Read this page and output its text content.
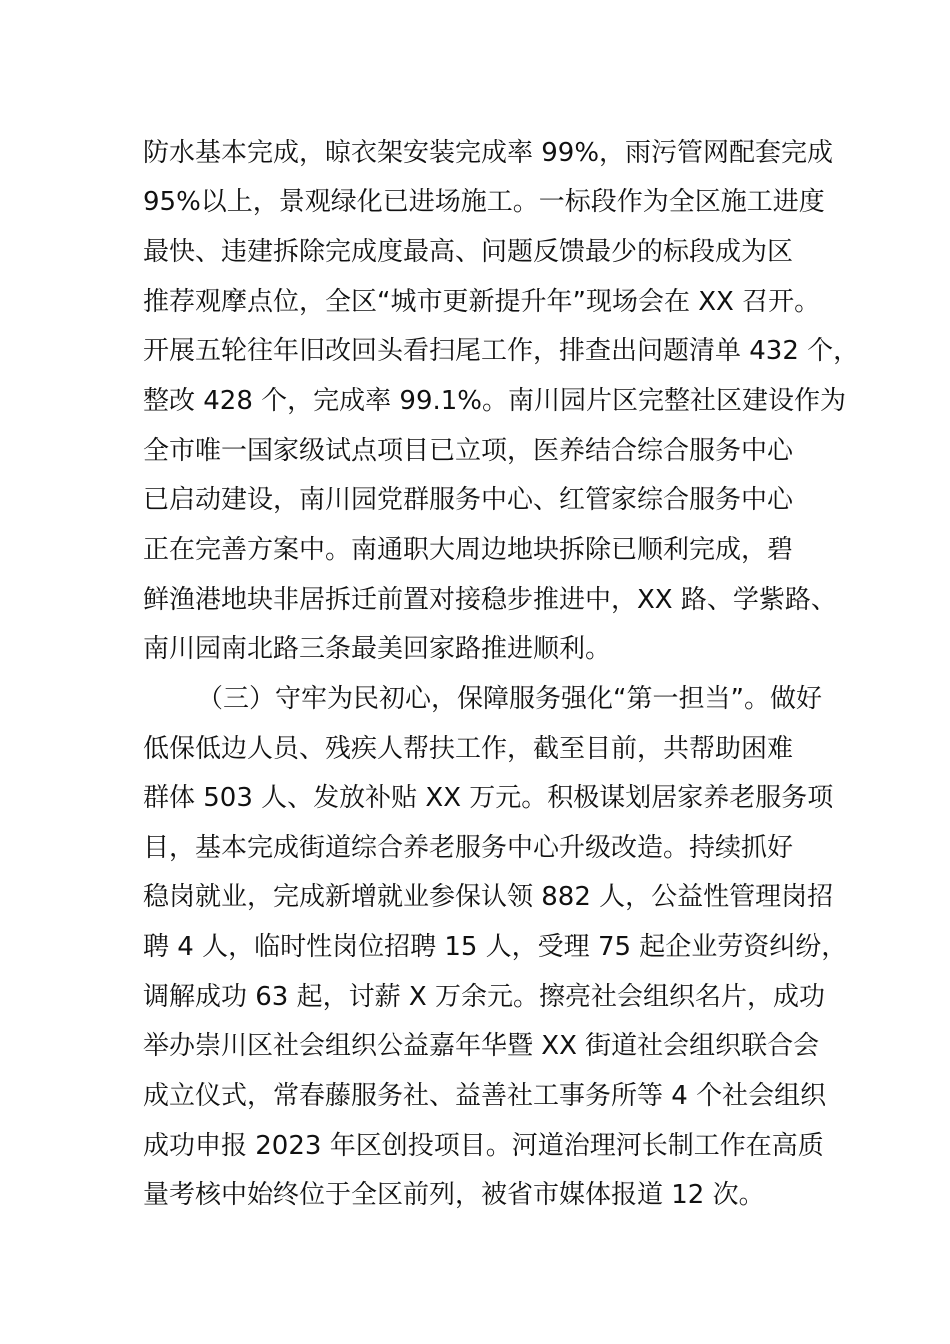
防水基本完成，晾衣架安装完成率 99%，雨污管网配套完成
95%以上，景观绿化已进场施工。一标段作为全区施工进度
最快、违建拆除完成度最高、问题反馈最少的标段成为区
推荐观摩点位，全区“城市更新提升年”现场会在 XX 召开。
开展五轮往年旧改回头看扫尾工作，排查出问题清单 432 个，
整改 428 个，完成率 99.1%。南川园片区完整社区建设作为
全市唯一国家级试点项目已立项，医养结合综合服务中心
已启动建设，南川园党群服务中心、红管家综合服务中心
正在完善方案中。南通职大周边地块拆除已顺利完成，碧
鲜渔港地块非居拆迁前置对接稳步推进中，XX 路、学紫路、
南川园南北路三条最美回家路推进顺利。
（三）守牢为民初心，保障服务强化“第一担当”。做好
低保低边人员、残疾人帮扶工作，截至目前，共帮助困难
群体 503 人、发放补贴 XX 万元。积极谋划居家养老服务项
目，基本完成街道综合养老服务中心升级改造。持续抓好
稳岗就业，完成新增就业参保认领 882 人，公益性管理岗招
聘 4 人，临时性岗位招聘 15 人，受理 75 起企业劳资纠纷，
调解成功 63 起，讨薪 X 万余元。擦亮社会组织名片，成功
举办崇川区社会组织公益嘉年华暨 XX 街道社会组织联合会
成立仪式，常春藤服务社、益善社工事务所等 4 个社会组织
成功申报 2023 年区创投项目。河道治理河长制工作在高质
量考核中始终位于全区前列，被省市媒体报道 12 次。
